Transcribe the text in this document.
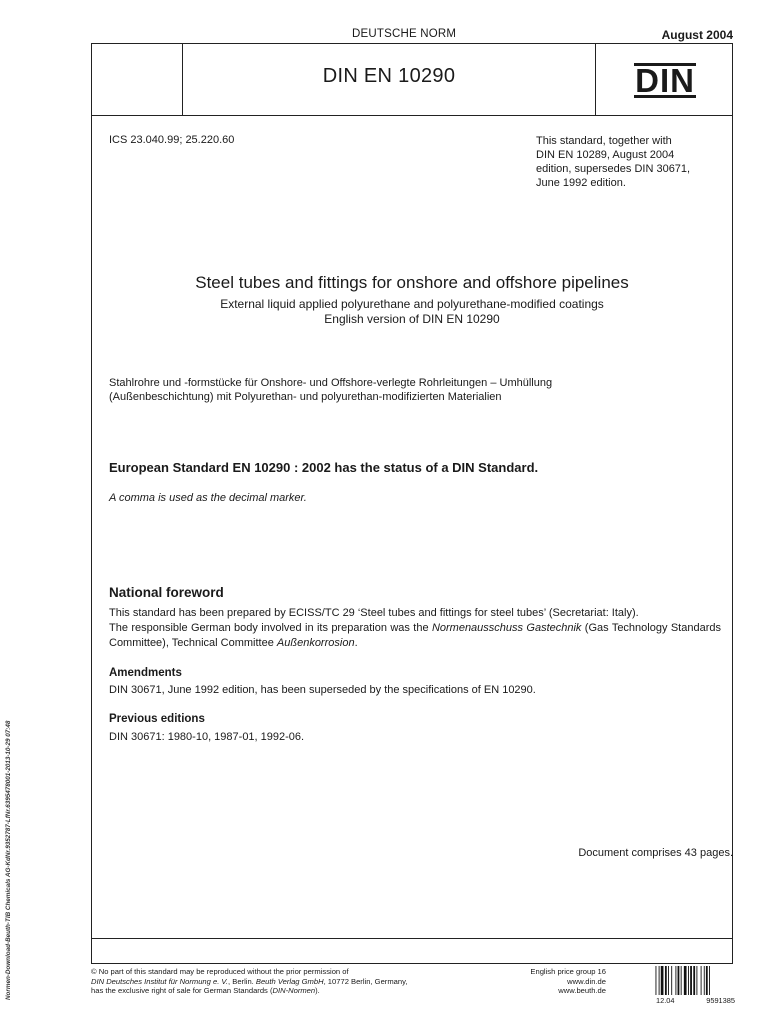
DEUTSCHE NORM	August 2004
DIN EN 10290	DIN
ICS 23.040.99; 25.220.60	This standard, together with
DIN EN 10289, August 2004
edition, supersedes DIN 30671,
June 1992 edition.
Steel tubes and fittings for onshore and offshore pipelines
External liquid applied polyurethane and polyurethane-modified coatings
English version of DIN EN 10290
Stahlrohre und -formstücke für Onshore- und Offshore-verlegte Rohrleitungen – Umhüllung
(Außenbeschichtung) mit Polyurethan- und polyurethan-modifizierten Materialien
European Standard EN 10290 : 2002 has the status of a DIN Standard.
A comma is used as the decimal marker.
National foreword
This standard has been prepared by ECISS/TC 29 ‘Steel tubes and fittings for steel tubes’ (Secretariat: Italy).
The responsible German body involved in its preparation was the Normenausschuss Gastechnik (Gas Technology Standards Committee), Technical Committee Außenkorrosion.
Amendments
DIN 30671, June 1992 edition, has been superseded by the specifications of EN 10290.
Previous editions
DIN 30671: 1980-10, 1987-01, 1992-06.
Document comprises 43 pages.
Normen-Download-Beuth-TIB Chemicals AG-KdNr.9352787-LfNr.6395478001-2013-10-29 07:48	© No part of this standard may be reproduced without the prior permission of
DIN Deutsches Institut für Normung e. V., Berlin. Beuth Verlag GmbH, 10772 Berlin, Germany,
has the exclusive right of sale for German Standards (DIN-Normen).
English price group 16
www.din.de
www.beuth.de
12.04	9591385
